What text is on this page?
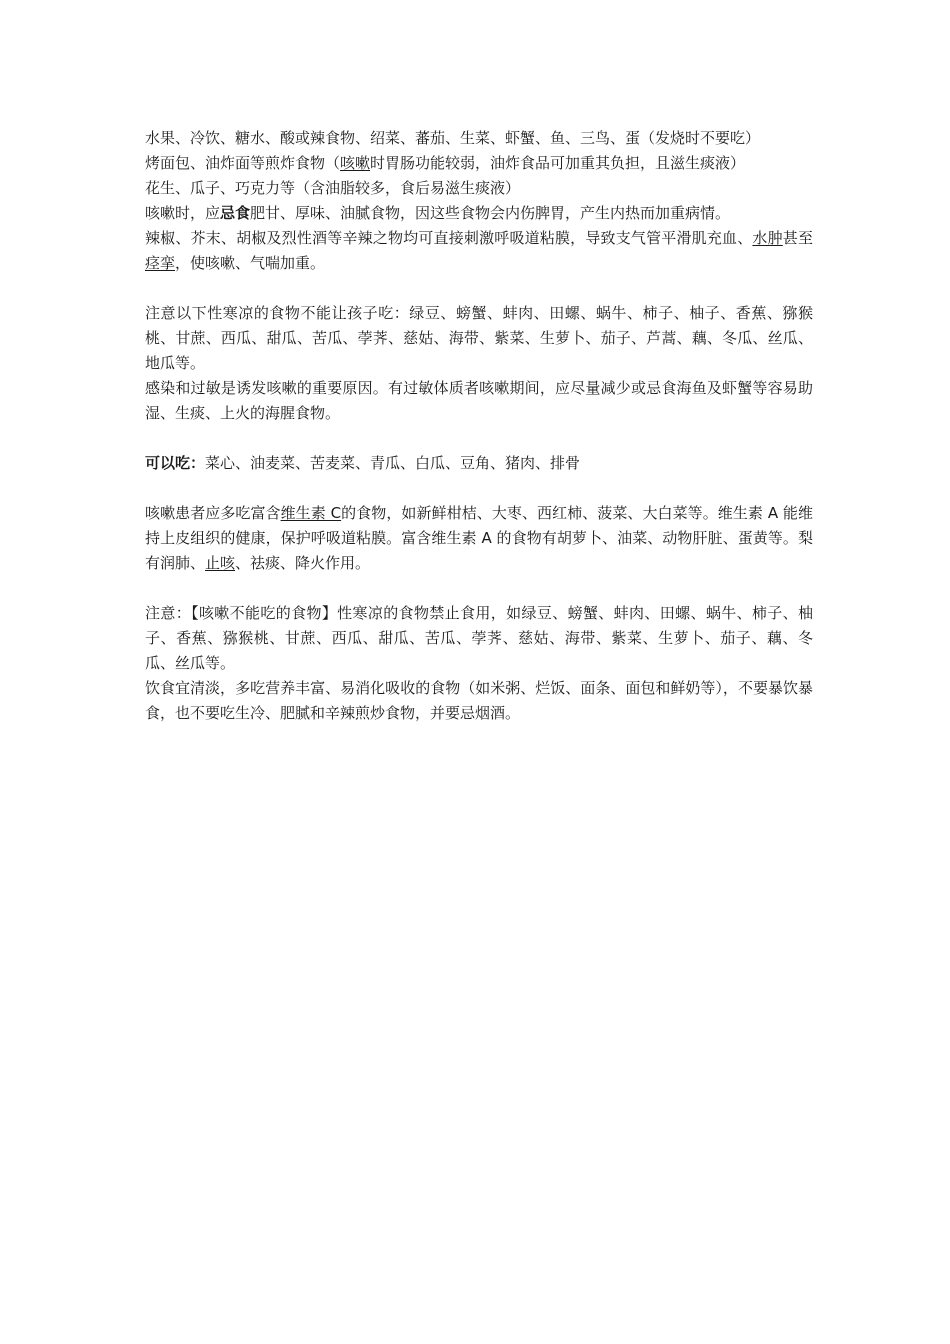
水果、冷饮、糖水、酸或辣食物、绍菜、蕃茄、生菜、虾蟹、鱼、三鸟、蛋（发烧时不要吃）

烤面包、油炸面等煎炸食物（咳嗽时胃肠功能较弱，油炸食品可加重其负担，且滋生痰液）

花生、瓜子、巧克力等（含油脂较多，食后易滋生痰液）

咳嗽时，应忌食肥甘、厚味、油腻食物，因这些食物会内伤脾胃，产生内热而加重病情。

辣椒、芥末、胡椒及烈性酒等辛辣之物均可直接刺激呼吸道粘膜，导致支气管平滑肌充血、水肿甚至痉挛，使咳嗽、气喘加重。

注意以下性寒凉的食物不能让孩子吃：绿豆、螃蟹、蚌肉、田螺、蜗牛、柿子、柚子、香蕉、猕猴桃、甘蔗、西瓜、甜瓜、苦瓜、荸荠、慈姑、海带、紫菜、生萝卜、茄子、芦蒿、藕、冬瓜、丝瓜、地瓜等。

感染和过敏是诱发咳嗽的重要原因。有过敏体质者咳嗽期间，应尽量减少或忌食海鱼及虾蟹等容易助湿、生痰、上火的海腥食物。

可以吃：菜心、油麦菜、苦麦菜、青瓜、白瓜、豆角、猪肉、排骨

咳嗽患者应多吃富含维生素 C的食物，如新鲜柑桔、大枣、西红柿、菠菜、大白菜等。维生素 A 能维持上皮组织的健康，保护呼吸道粘膜。富含维生素 A 的食物有胡萝卜、油菜、动物肝脏、蛋黄等。梨有润肺、止咳、祛痰、降火作用。

注意：【咳嗽不能吃的食物】性寒凉的食物禁止食用，如绿豆、螃蟹、蚌肉、田螺、蜗牛、柿子、柚子、香蕉、猕猴桃、甘蔗、西瓜、甜瓜、苦瓜、荸荠、慈姑、海带、紫菜、生萝卜、茄子、藕、冬瓜、丝瓜等。

饮食宜清淡，多吃营养丰富、易消化吸收的食物（如米粥、烂饭、面条、面包和鲜奶等），不要暴饮暴食，也不要吃生冷、肥腻和辛辣煎炒食物，并要忌烟酒。
